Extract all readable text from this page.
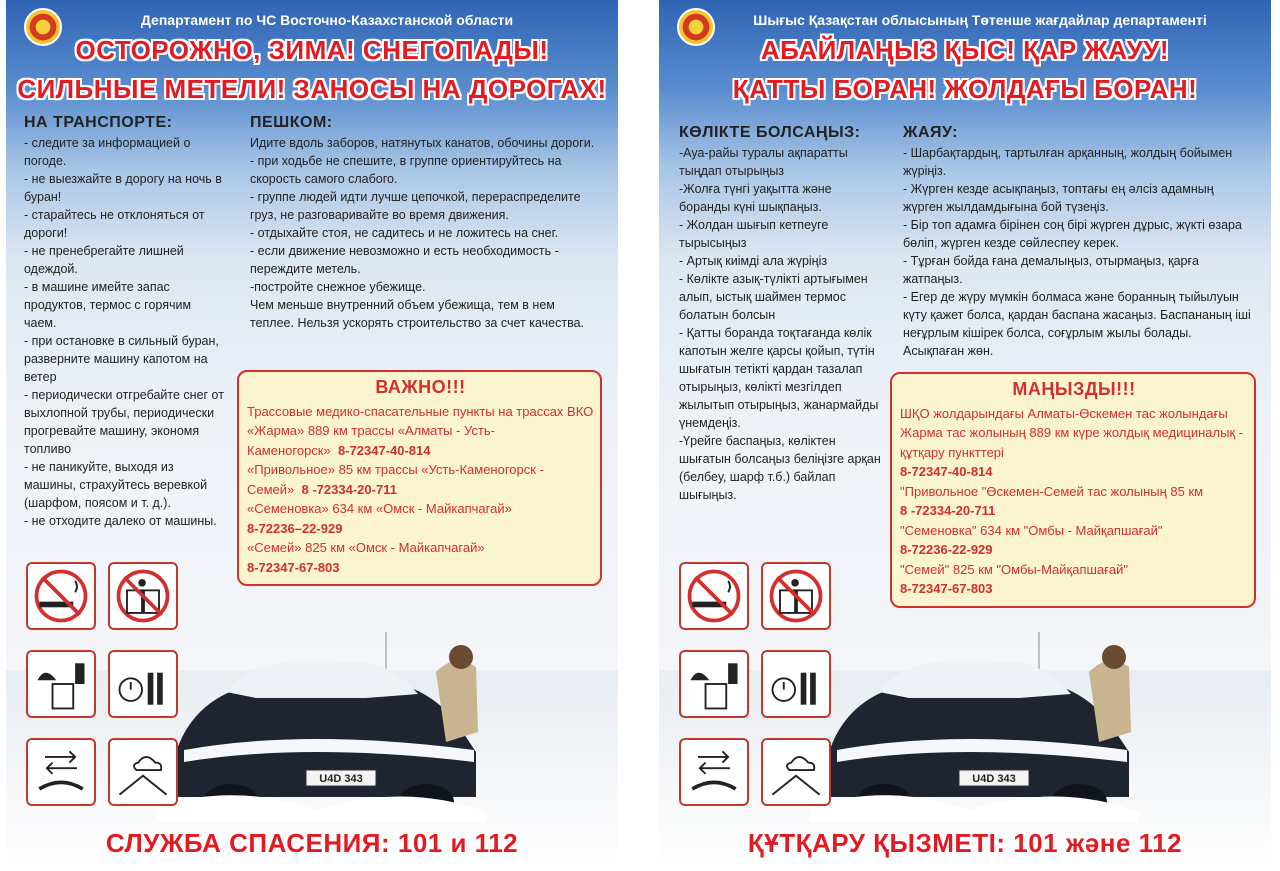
Департамент по ЧС Восточно-Казахстанской области
ОСТОРОЖНО, ЗИМА! СНЕГОПАДЫ!
СИЛЬНЫЕ МЕТЕЛИ! ЗАНОСЫ НА ДОРОГАХ!
НА ТРАНСПОРТЕ:

- следите за информацией о погоде.

- не выезжайте в дорогу на ночь в буран!

- старайтесь не отклоняться от дороги!

- не пренебрегайте лишней одеждой.

- в машине имейте запас продуктов, термос с горячим чаем.

- при остановке в сильный буран, разверните машину капотом на ветер

- периодически отгребайте снег от выхлопной трубы, периодически прогревайте машину, экономя топливо

- не паникуйте, выходя из машины, страхуйтесь веревкой (шарфом, поясом и т. д.).

- не отходите далеко от машины.

ПЕШКОМ:

Идите вдоль заборов, натянутых канатов, обочины дороги.

- при ходьбе не спешите, в группе ориентируйтесь на скорость самого слабого.

- группе людей идти лучше цепочкой, перераспределите груз, не разговаривайте во время движения.

- отдыхайте стоя, не садитесь и не ложитесь на снег.

- если движение невозможно и есть необходимость - переждите метель.

-постройте снежное убежище.

Чем меньше внутренний объем убежища, тем в нем теплее. Нельзя ускорять строительство за счет качества.

ВАЖНО!!!

Трассовые медико-спасательные пункты на трассах ВКО «Жарма» 889 км трассы «Алматы - Усть-Каменогорск» 8-72347-40-814

«Привольное» 85 км трассы «Усть-Каменогорск - Семей» 8 -72334-20-711

«Семеновка» 634 км «Омск - Майкапчагай»

8-72236–22-929

«Семей» 825 км «Омск - Майкапчагай»

8-72347-67-803

U4D 343
СЛУЖБА СПАСЕНИЯ: 101 и 112
Шығыс Қазақстан облысының Төтенше жағдайлар департаменті
АБАЙЛАҢЫЗ ҚЫС! ҚАР ЖАУУ!
ҚАТТЫ БОРАН! ЖОЛДАҒЫ БОРАН!
КӨЛІКТЕ БОЛСАҢЫЗ:

-Ауа-райы туралы ақпаратты тыңдап отырыңыз

-Жолға түнгі уақытта және боранды күні шықпаңыз.

- Жолдан шығып кетпеуге тырысыңыз

- Артық киімді ала жүріңіз

- Көлікте азық-түлікті артығымен алып, ыстық шаймен термос болатын болсын

- Қатты боранда тоқтағанда көлік капотын желге қарсы қойып, түтін шығатын тетікті қардан тазалап отырыңыз, көлікті мезгілдеп жылытып отырыңыз, жанармайды үнемдеңіз.

-Үрейге баспаңыз, көліктен шығатын болсаңыз беліңізге арқан (белбеу, шарф т.б.) байлап шығыңыз.

ЖАЯУ:

- Шарбақтардың, тартылған арқанның, жолдың бойымен жүріңіз.

- Жүрген кезде асықпаңыз, топтағы ең әлсіз адамның жүрген жылдамдығына бой түзеңіз.

- Бір топ адамға бірінен соң бірі жүрген дұрыс, жүкті өзара бөліп, жүрген кезде сөйлеспеу керек.

- Тұрған бойда ғана демалыңыз, отырмаңыз, қарға жатпаңыз.

- Егер де жүру мүмкін болмаса және боранның тыйылуын күту қажет болса, қардан баспана жасаңыз. Баспананың іші неғұрлым кішірек болса, соғұрлым жылы болады. Асықпаған жөн.

МАҢЫЗДЫ!!!

ШҚО жолдарындағы Алматы-Өскемен тас жолындағы Жарма тас жолының 889 км күре жолдық медициналық - құтқару пункттері

8-72347-40-814

"Привольное "Өскемен-Семей тас жолының 85 км

8 -72334-20-711

"Семеновка" 634 км "Омбы - Майқапшағай"

8-72236-22-929

"Семей" 825 км "Омбы-Майқапшағай"

8-72347-67-803

U4D 343
ҚҰТҚАРУ ҚЫЗМЕТІ: 101 және 112
